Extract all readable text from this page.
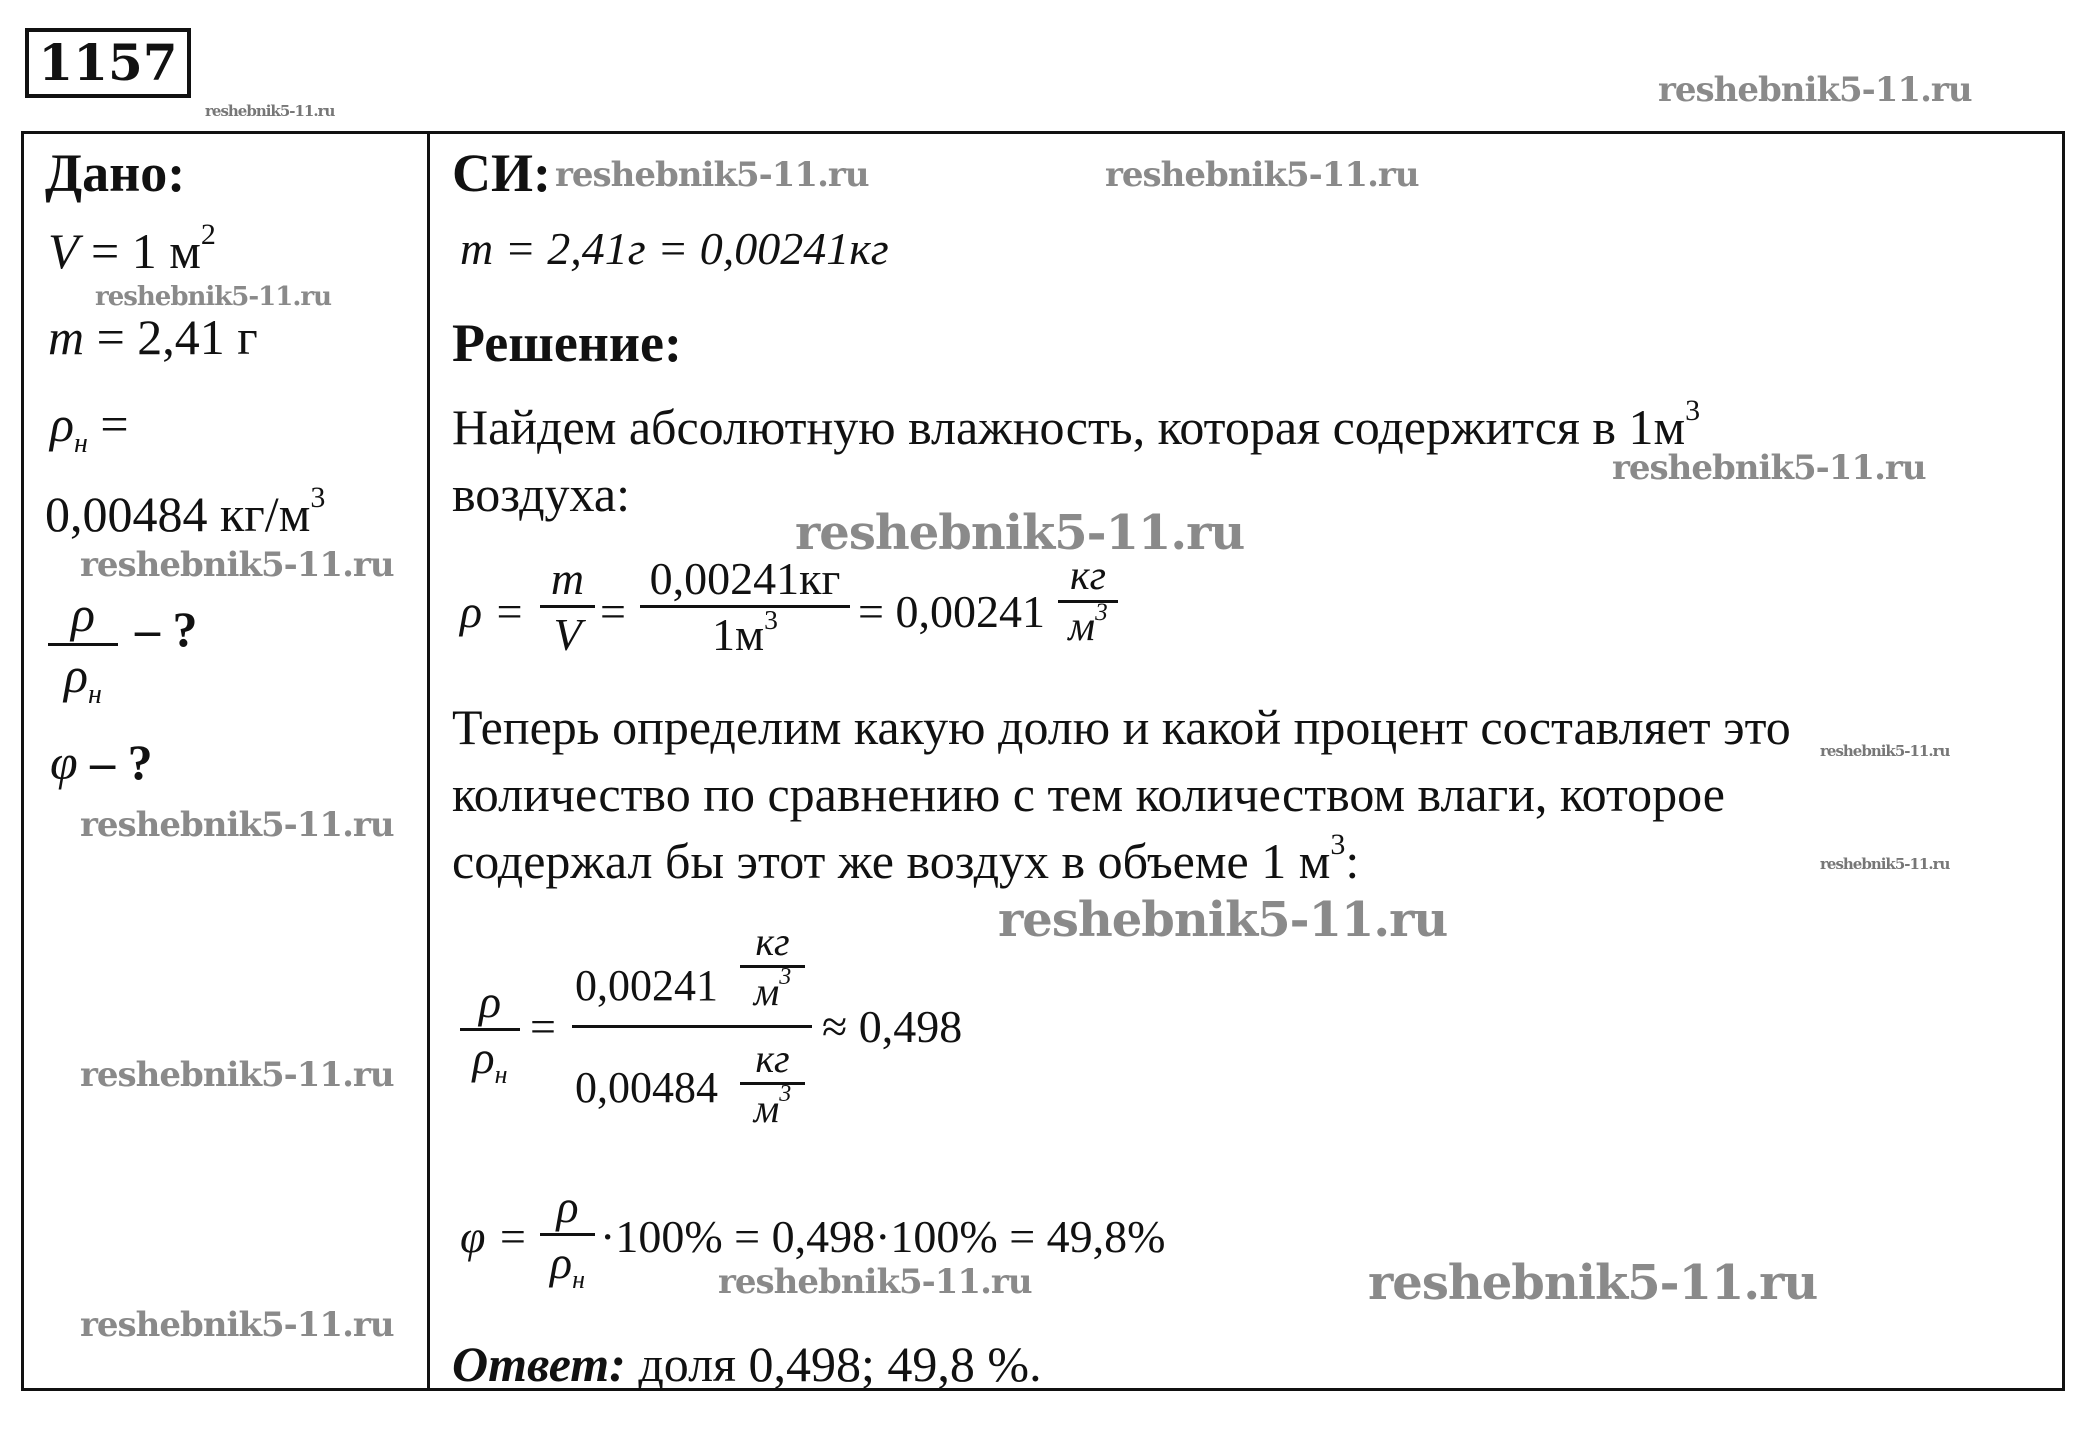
1157
reshebnik5-11.ru
reshebnik5-11.ru
Дано:
V = 1 $м^2$
reshebnik5-11.ru
m = 2,41 г
$\rho_н$ =
0,00484 $кг/м^3$
reshebnik5-11.ru
ρ
$\rho_н$
– ?
φ – ?
reshebnik5-11.ru
reshebnik5-11.ru
reshebnik5-11.ru
СИ: reshebnik5-11.ru	reshebnik5-11.ru
m = 2,41г = 0,00241кг
Решение:
Найдем абсолютную влажность, которая содержится в $1м^3$
reshebnik5-11.ru
воздуха:
reshebnik5-11.ru
ρ =
m
V =
0,00241кг
$1м^3 = 0,00241$
кг
$м^3$
Теперь определим какую долю и какой процент составляет это reshebnik5-11.ru
количество по сравнению с тем количеством влаги, которое
содержал бы этот же воздух в объеме 1 $м^3$:	reshebnik5-11.ru
reshebnik5-11.ru
ρ
$\rho_н$
=
0,00241
кг
$м^3$
0,00484
кг
$м^3$
≈ 0,498
φ =
ρ
$\rho_н$
·100% = 0,498·100% = 49,8%
reshebnik5-11.ru	reshebnik5-11.ru
Ответ: доля 0,498; 49,8 %.
